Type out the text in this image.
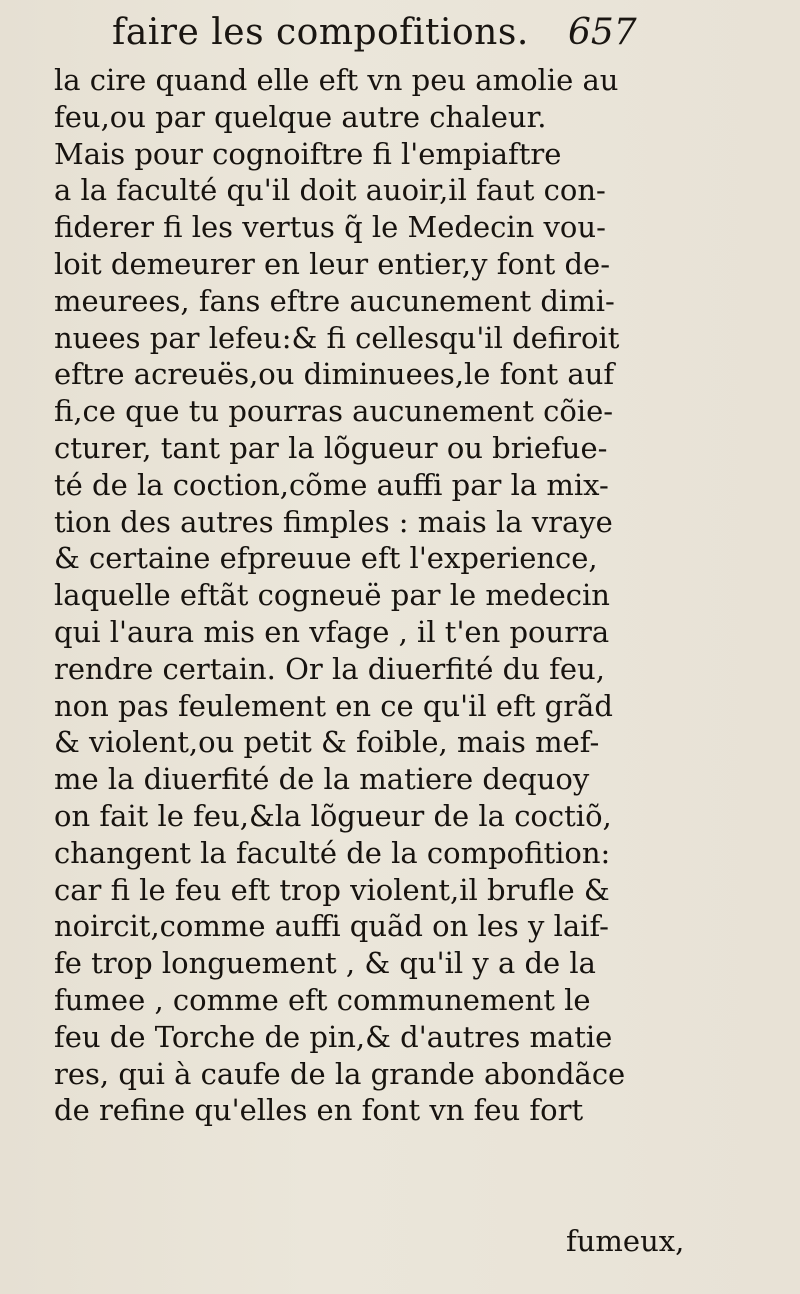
faire les compofitions. 657
la cire quand elle eft vn peu amolie au
feu,ou par quelque autre chaleur.
Mais pour cognoiftre fi l'empiaftre
a la faculté qu'il doit auoir,il faut con-
fiderer fi les vertus q̃ le Medecin vou-
loit demeurer en leur entier,y font de-
meurees, fans eftre aucunement dimi-
nuees par lefeu:& fi cellesqu'il defiroit
eftre acreuës,ou diminuees,le font auf
fi,ce que tu pourras aucunement cõie-
cturer, tant par la lõgueur ou briefue-
té de la coction,cõme auffi par la mix-
tion des autres fimples : mais la vraye
& certaine efpreuue eft l'experience,
laquelle eftãt cogneuë par le medecin
qui l'aura mis en vfage , il t'en pourra
rendre certain. Or la diuerfité du feu,
non pas feulement en ce qu'il eft grãd
& violent,ou petit & foible, mais mef-
me la diuerfité de la matiere dequoy
on fait le feu,&la lõgueur de la coctiõ,
changent la faculté de la compofition:
car fi le feu eft trop violent,il brufle &
noircit,comme auffi quãd on les y laif-
fe trop longuement , & qu'il y a de la
fumee , comme eft communement le
feu de Torche de pin,& d'autres matie
res, qui à caufe de la grande abondãce
de refine qu'elles en font vn feu fort
fumeux,
